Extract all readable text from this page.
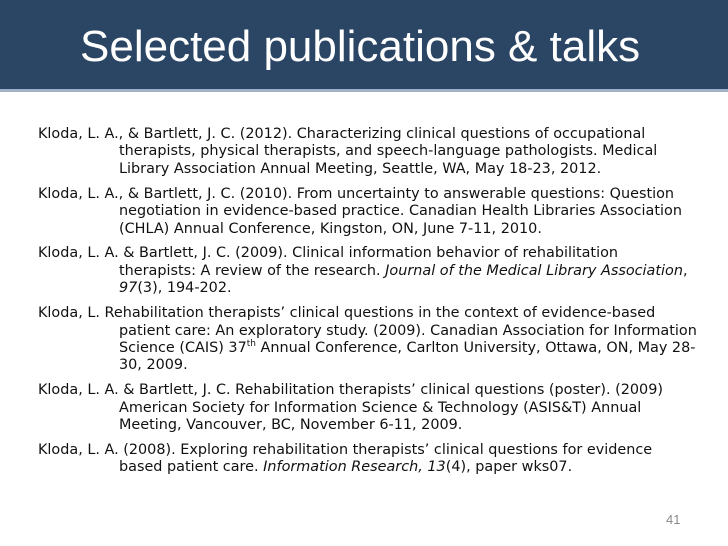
Selected publications & talks
Kloda, L. A., & Bartlett, J. C. (2012). Characterizing clinical questions of occupational therapists, physical therapists, and speech-language pathologists. Medical Library Association Annual Meeting, Seattle, WA, May 18-23, 2012.
Kloda, L. A., & Bartlett, J. C. (2010). From uncertainty to answerable questions: Question negotiation in evidence-based practice. Canadian Health Libraries Association (CHLA) Annual Conference, Kingston, ON, June 7-11, 2010.
Kloda, L. A. & Bartlett, J. C. (2009). Clinical information behavior of rehabilitation therapists: A review of the research. Journal of the Medical Library Association, 97(3), 194-202.
Kloda, L. Rehabilitation therapists’ clinical questions in the context of evidence-based patient care: An exploratory study. (2009). Canadian Association for Information Science (CAIS) 37th Annual Conference, Carlton University, Ottawa, ON, May 28-30, 2009.
Kloda, L. A. & Bartlett, J. C. Rehabilitation therapists’ clinical questions (poster). (2009) American Society for Information Science & Technology (ASIS&T) Annual Meeting, Vancouver, BC, November 6-11, 2009.
Kloda, L. A. (2008). Exploring rehabilitation therapists’ clinical questions for evidence based patient care. Information Research, 13(4), paper wks07.
41
